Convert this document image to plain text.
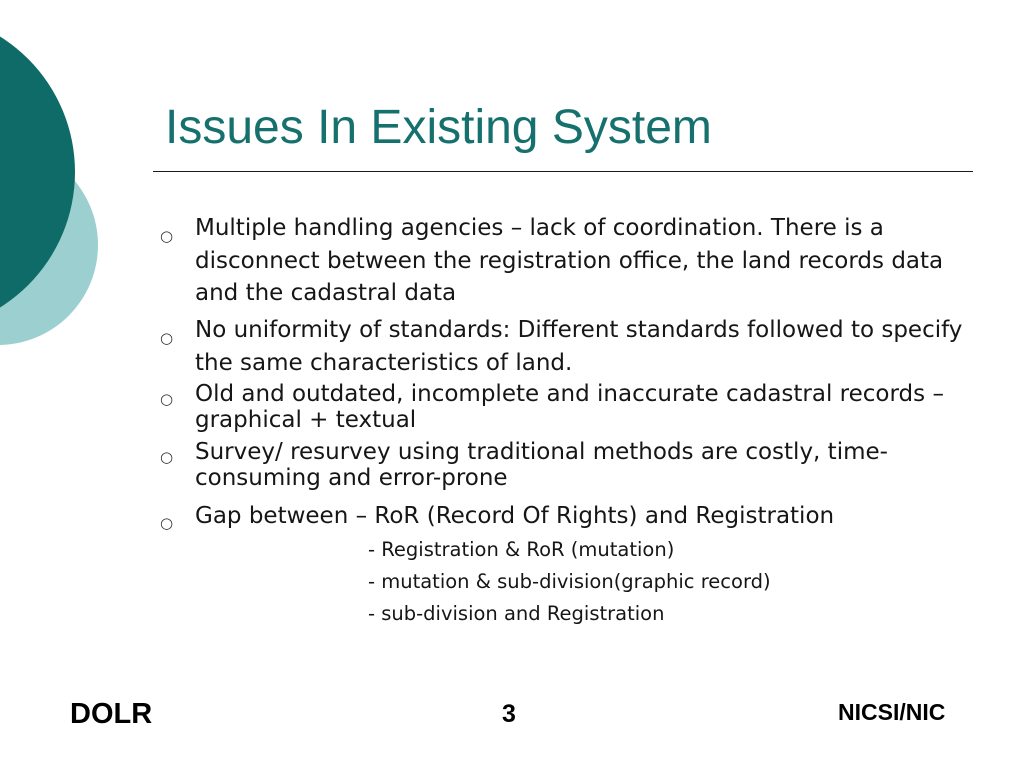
Issues In Existing System
○ Multiple handling agencies – lack of coordination. There is a disconnect between the registration office, the land records data and the cadastral data
○ No uniformity of standards: Different standards followed to specify the same characteristics of land.
○ Old and outdated, incomplete and inaccurate cadastral records – graphical + textual
○ Survey/ resurvey using traditional methods are costly, time-consuming and error-prone
○ Gap between – RoR (Record Of Rights) and Registration
- Registration & RoR (mutation)
- mutation & sub-division(graphic record)
- sub-division and Registration
DOLR	3	NICSI/NIC
